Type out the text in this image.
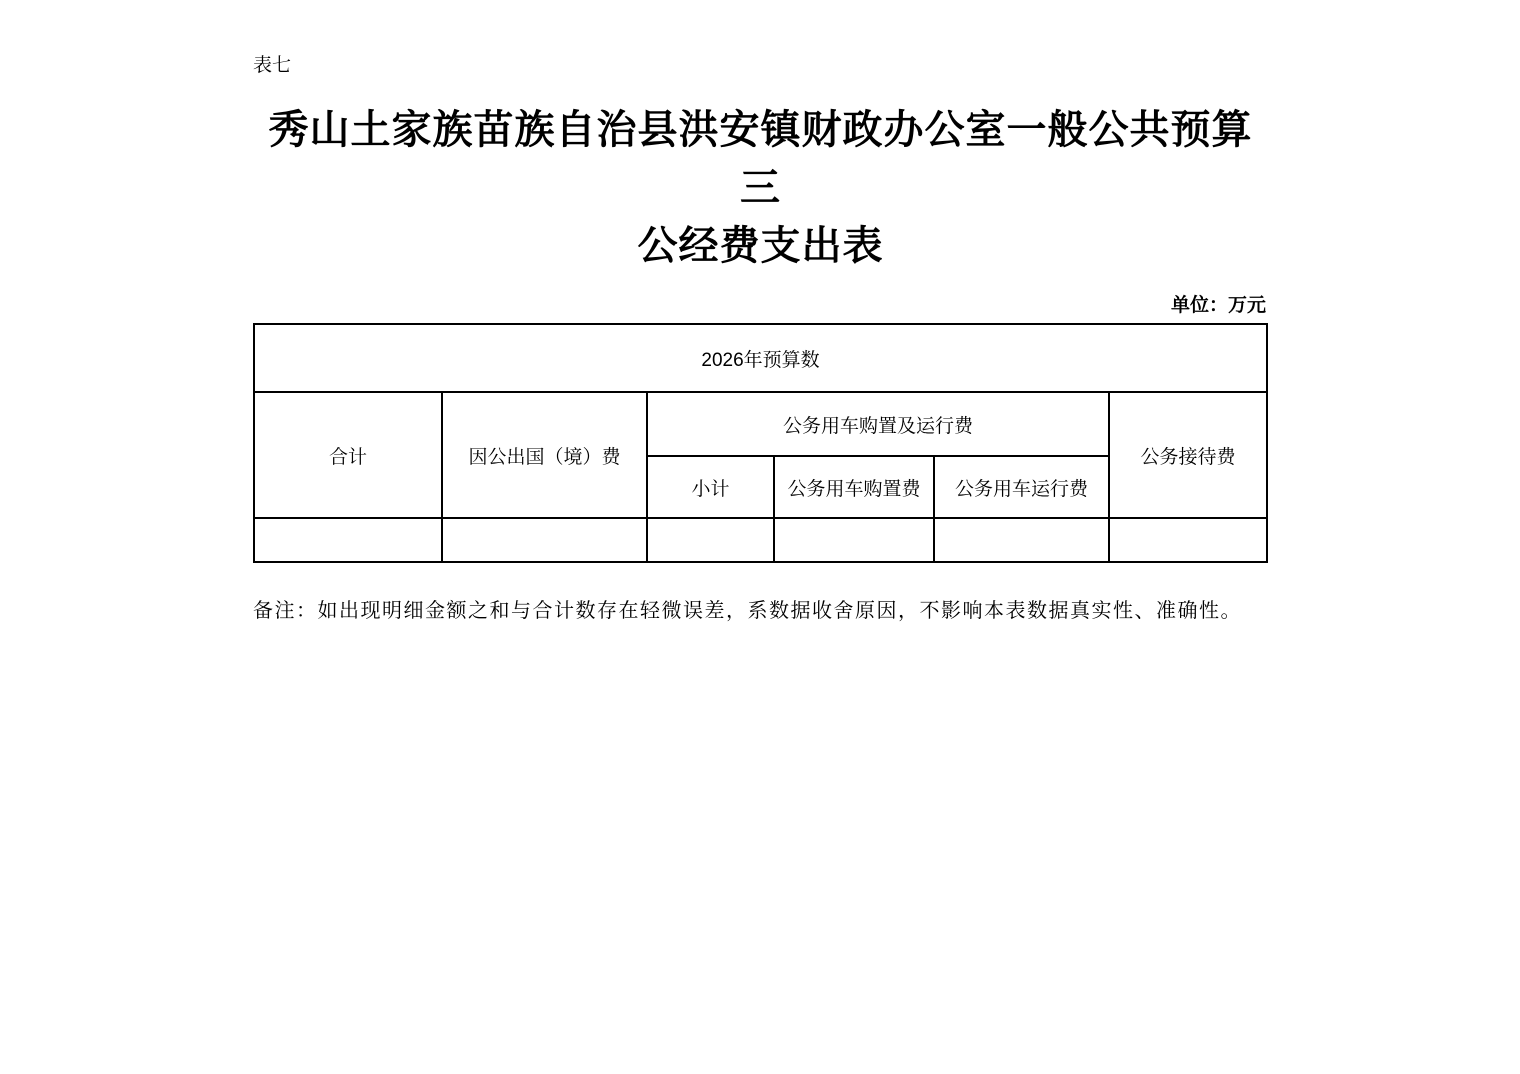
表七
秀山土家族苗族自治县洪安镇财政办公室一般公共预算三
公经费支出表
单位：万元
2026年预算数					
合计	因公出国（境）费	公务用车购置及运行费			公务接待费
		小计	公务用车购置费	公务用车运行费	

备注：如出现明细金额之和与合计数存在轻微误差，系数据收舍原因，不影响本表数据真实性、准确性。
